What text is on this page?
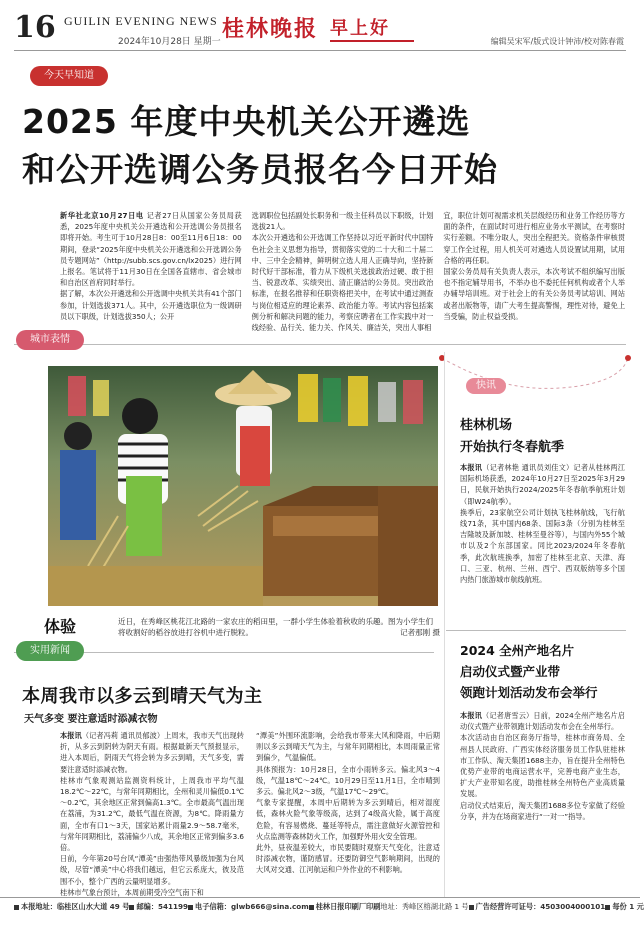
16 GUILIN EVENING NEWS
2024年10月28日 星期一 桂林晚报 早上好
编辑吴宋军/版式设计钟沛/校对陈春霞
今天早知道
2025 年度中央机关公开遴选
和公开选调公务员报名今日开始
新华社北京10月27日电 记者27日从国家公务员局获悉，2025年度中央机关公开遴选和公开选调公务员报名即将开始。考生可于10月28日8：00至11月6日18：00期间，登录“2025年度中央机关公开遴选和公开选调公务员专题网站”（http://subb.scs.gov.cn/lx2025）进行网上报名。笔试将于11月30日在全国各直辖市、省会城市和自治区首府同时举行。
据了解，本次公开遴选和公开选调中央机关共有41个部门参加，计划选拔371人。其中，公开遴选职位为一级调研员以下职级，计划选拔350人；公开
选调职位包括副处长职务和一级主任科员以下职级，计划选拔21人。
本次公开遴选和公开选调工作坚持以习近平新时代中国特色社会主义思想为指导，贯彻落实党的二十大和二十届二中、三中全会精神，鲜明树立选人用人正确导向，坚持新时代好干部标准，着力从下级机关选拔政治过硬、敢于担当、锐意改革、实绩突出、清正廉洁的公务员。突出政治标准，在报名推荐和任职资格把关中，在考试中通过测查与岗位相适应的理论素养、政治能力等。考试内容包括案例分析和解决问题的能力，考察应聘者在工作实践中对一线经验、品行关、能力关、作风关、廉洁关，突出人事相
宜，职位计划可视需求机关层级经历和业务工作经历等方面的条件，在面试时可进行相应业务水平测试，在考察时实行差额。不唯分取人，突出全程把关。资格条件审核贯穿工作全过程，用人机关可对遴选人员设置试用期，试用合格的再任职。
国家公务员局有关负责人表示，本次考试不组织编写出版也不指定辅导用书，不举办也不委托任何机构或者个人举办辅导培训班。对于社会上的有关公务员考试培训、网站或者出版物等，请广大考生提高警惕，理性对待，避免上当受骗，防止权益受损。
城市表情
体验	近日，在秀峰区桃花江北路的一家农庄的稻田里，一群小学生体验着秋收的乐趣。图为小学生们将收割好的稻谷放进打谷机中进行脱粒。	记者那刚 摄
快讯
桂林机场
开始执行冬春航季
本报讯（记者林艳 通讯员刘佳文）记者从桂林两江国际机场获悉，2024年10月27日至2025年3月29日，民航开始执行2024/2025年冬春航季航班计划（即W24航季）。
换季后，23家航空公司计划执飞桂林航线，飞行航线71条，其中国内68条、国际3条（分别为桂林至吉隆坡及新加坡、桂林至曼谷等），与国内外55个城市以及2个东部国家。同比2023/2024年冬春航季，此次航班换季，加密了桂林至北京、天津、海口、三亚、杭州、兰州、西宁、西双版纳等多个国内热门旅游城市航线航班。
2024 全州产地名片
启动仪式暨产业带
领跑计划活动发布会举行
本报讯（记者唐雪云）日前，2024全州产地名片启动仪式暨产业带领跑计划活动发布会在全州举行。
本次活动由自治区商务厅指导，桂林市商务局、全州县人民政府、广西实体经济服务员工作队驻桂林市工作队、淘天集团1688主办，旨在提升全州特色优势产业带的电商运营水平，完善电商产业生态，扩大产业带知名度，助推桂林全州特色产业高质量发展。
启动仪式结束后，淘天集团1688多位专家做了经验分享，并为在场商家进行“一对一”指导。
实用新闻
本周我市以多云到晴天气为主
天气多变 要注意适时添减衣物
本报讯（记者冯莉 通讯员郁波）上周末，我市天气出现转折，从多云到阴转为阴天有雨。根据最新天气预报显示，进入本周后，阴雨天气将会转为多云到晴，天气多变，需要注意适时添减衣物。
桂林市气象观测站监测资料统计，上周我市平均气温18.2℃～22℃，与常年同期相比，全州和灵川偏低0.1℃～0.2℃，其余地区正常到偏高1.3℃。全市最高气温出现在荔浦，为31.2℃，最低气温在资源，为8℃。降雨量方面，全市有口1～3天，国家站累计雨量2.9～58.7毫米，与常年同期相比，荔浦偏少八成，其余地区正常到偏多3.6倍。
日前，今年第20号台风“潭美”由强热带风暴级加强为台风级，尽管“潭美”中心将我们越远，但它云系庞大，彼及范围不小，整个广西的云量明显增多。
桂林市气象台预计，本周前期受冷空气南下和
“潭美”外围环流影响，会给我市带来大风和降雨，中后期则以多云到晴天气为主，与常年同期相比，本周雨量正常到偏少，气温偏低。
具体预报为：10月28日，全市小雨转多云。偏北风3～4级，气温18℃～24℃。10月29日至11月1日，全市晴到多云。偏北风2～3级，气温17℃～29℃。
气象专家提醒，本周中后期转为多云到晴后，相对湿度低，森林火险气象等级高，达到了4级高火险，属于高度危险，有容易燃烧、蔓延等特点，需注意做好火源管控和火点监测等森林防火工作，加强野外用火安全管理。
此外，昼夜温差较大，市民要随时观察天气变化，注意适时添减衣物，谨防感冒。还要防御空气影响期间，出现的大风对交通、江河航运和户外作业的不利影响。
本报地址：临桂区山水大道 49 号 邮编：541199 电子信箱：glwb666@sina.com 桂林日报印刷厂印刷 地址：秀峰区榕湖北路 1 号 广告经营许可证号：4503004000101 每份 1 元
